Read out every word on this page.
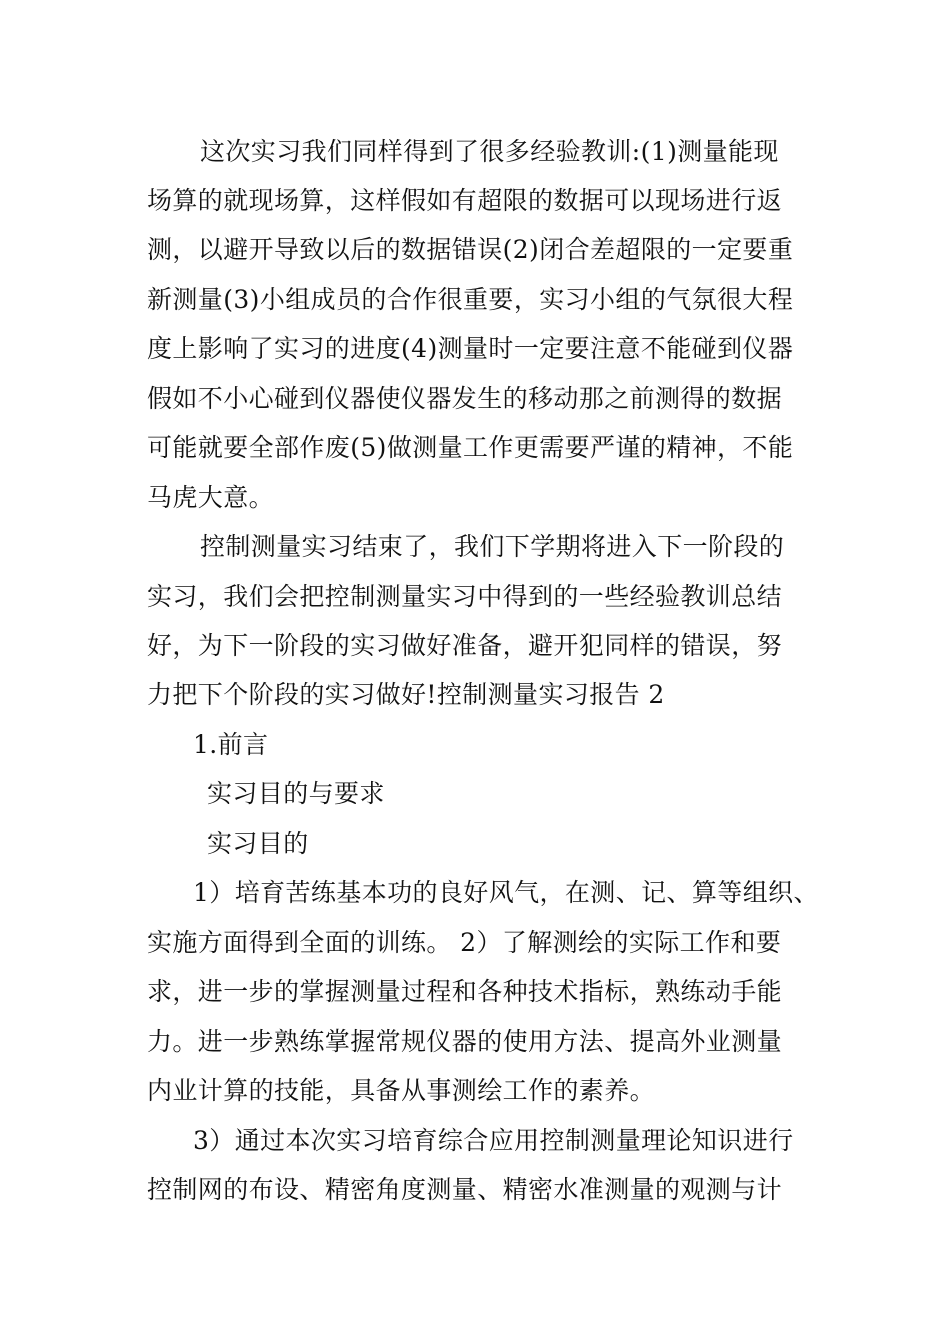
这次实习我们同样得到了很多经验教训:(1)测量能现
场算的就现场算，这样假如有超限的数据可以现场进行返
测，以避开导致以后的数据错误(2)闭合差超限的一定要重
新测量(3)小组成员的合作很重要，实习小组的气氛很大程
度上影响了实习的进度(4)测量时一定要注意不能碰到仪器
假如不小心碰到仪器使仪器发生的移动那之前测得的数据
可能就要全部作废(5)做测量工作更需要严谨的精神，不能
马虎大意。
控制测量实习结束了，我们下学期将进入下一阶段的
实习，我们会把控制测量实习中得到的一些经验教训总结
好，为下一阶段的实习做好准备，避开犯同样的错误，努
力把下个阶段的实习做好!控制测量实习报告 2
1.前言
实习目的与要求
实习目的
1）培育苦练基本功的良好风气，在测、记、算等组织、
实施方面得到全面的训练。 2）了解测绘的实际工作和要
求，进一步的掌握测量过程和各种技术指标，熟练动手能
力。进一步熟练掌握常规仪器的使用方法、提高外业测量
内业计算的技能，具备从事测绘工作的素养。
3）通过本次实习培育综合应用控制测量理论知识进行
控制网的布设、精密角度测量、精密水准测量的观测与计
